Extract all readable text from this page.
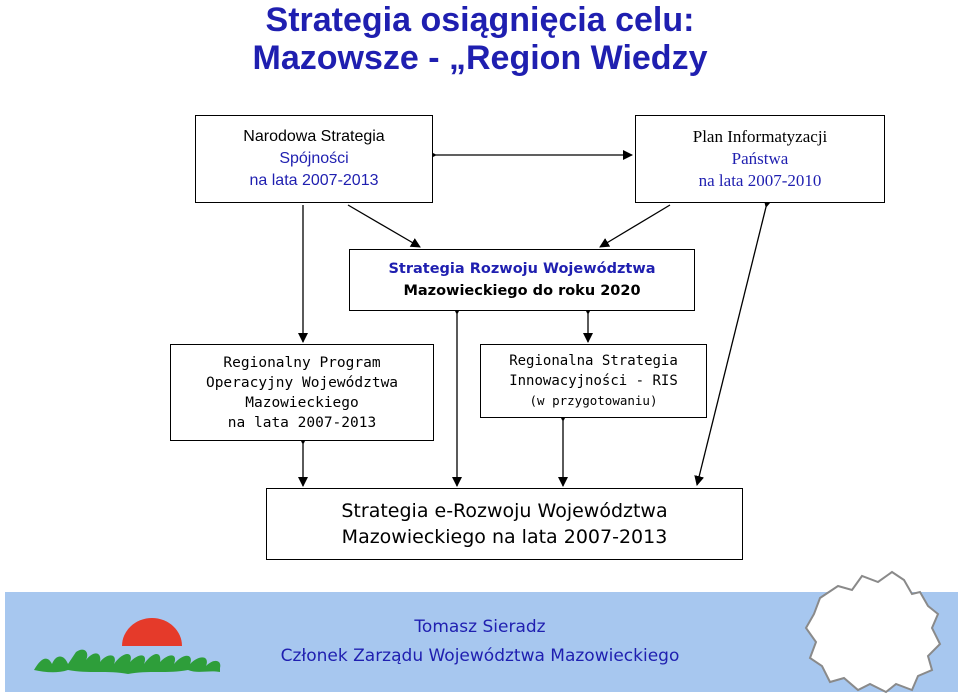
Strategia osiągnięcia celu:
Mazowsze - „Region Wiedzy
Narodowa Strategia
Spójności
na lata 2007-2013
Plan Informatyzacji
Państwa
na lata 2007-2010
Strategia Rozwoju Województwa
Mazowieckiego do roku 2020
Regionalny Program
Operacyjny Województwa
Mazowieckiego
na lata 2007-2013
Regionalna Strategia
Innowacyjności - RIS
(w przygotowaniu)
Strategia e-Rozwoju Województwa
Mazowieckiego na lata 2007-2013
Tomasz Sieradz
Członek Zarządu Województwa Mazowieckiego
